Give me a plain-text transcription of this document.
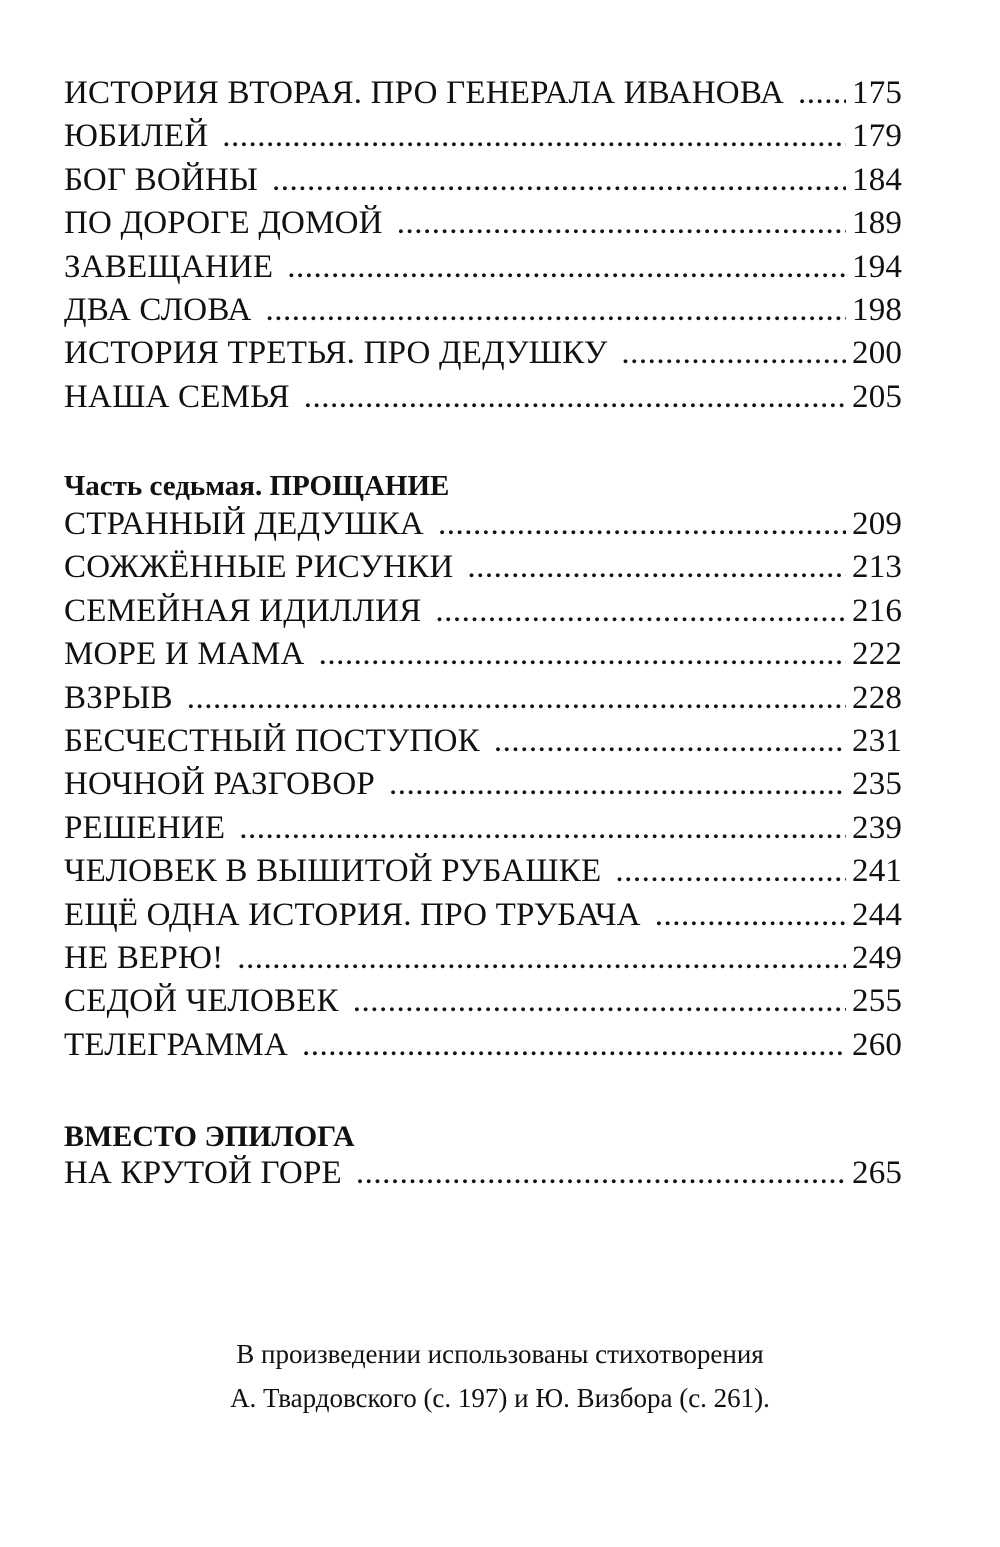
ИСТОРИЯ ВТОРАЯ. ПРО ГЕНЕРАЛА ИВАНОВА ..... 175
ЮБИЛЕЙ .....	179
БОГ ВОЙНЫ .....	184
ПО ДОРОГЕ ДОМОЙ .....	189
ЗАВЕЩАНИЕ .....	194
ДВА СЛОВА .....	198
ИСТОРИЯ ТРЕТЬЯ. ПРО ДЕДУШКУ .....	200
НАША СЕМЬЯ .....	205
Часть седьмая. ПРОЩАНИЕ
СТРАННЫЙ ДЕДУШКА .....	209
СОЖЖЁННЫЕ РИСУНКИ .....	213
СЕМЕЙНАЯ ИДИЛЛИЯ .....	216
МОРЕ И МАМА .....	222
ВЗРЫВ .....	228
БЕСЧЕСТНЫЙ ПОСТУПОК .....	231
НОЧНОЙ РАЗГОВОР .....	235
РЕШЕНИЕ .....	239
ЧЕЛОВЕК В ВЫШИТОЙ РУБАШКЕ .....	241
ЕЩЁ ОДНА ИСТОРИЯ. ПРО ТРУБАЧА .....	244
НЕ ВЕРЮ! .....	249
СЕДОЙ ЧЕЛОВЕК .....	255
ТЕЛЕГРАММА .....	260
ВМЕСТО ЭПИЛОГА
НА КРУТОЙ ГОРЕ .....	265
В произведении использованы стихотворения
А. Твардовского (с. 197) и Ю. Визбора (с. 261).
